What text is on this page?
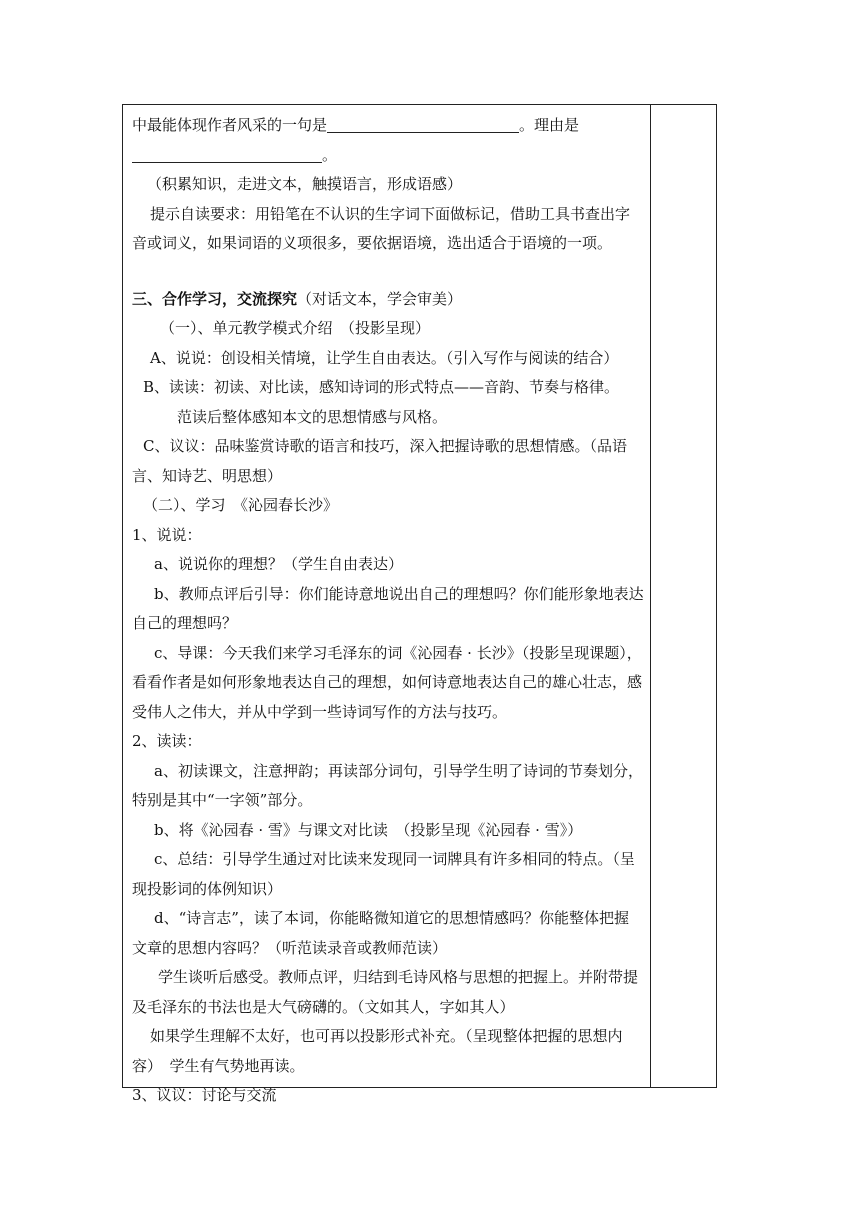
中最能体现作者风采的一句是	。理由是

。

（积累知识，走进文本，触摸语言，形成语感）

提示自读要求：用铅笔在不认识的生字词下面做标记，借助工具书查出字

音或词义，如果词语的义项很多，要依据语境，选出适合于语境的一项。

三、合作学习，交流探究（对话文本，学会审美）

（一）、单元教学模式介绍　（投影呈现）

A、说说：创设相关情境，让学生自由表达。（引入写作与阅读的结合）

B、读读：初读、对比读，感知诗词的形式特点——音韵、节奏与格律。

范读后整体感知本文的思想情感与风格。

C、议议：品味鉴赏诗歌的语言和技巧，深入把握诗歌的思想情感。（品语

言、知诗艺、明思想）

（二）、学习　《沁园春长沙》

1、说说：

a、说说你的理想？（学生自由表达）

b、教师点评后引导：你们能诗意地说出自己的理想吗？你们能形象地表达

自己的理想吗？

c、导课：今天我们来学习毛泽东的词《沁园春 · 长沙》（投影呈现课题），

看看作者是如何形象地表达自己的理想，如何诗意地表达自己的雄心壮志，感

受伟人之伟大，并从中学到一些诗词写作的方法与技巧。

2、读读：

a、初读课文，注意押韵；再读部分词句，引导学生明了诗词的节奏划分，

特别是其中“一字领”部分。

b、将《沁园春 · 雪》与课文对比读　（投影呈现《沁园春 · 雪》）

c、总结：引导学生通过对比读来发现同一词牌具有许多相同的特点。（呈

现投影词的体例知识）

d、“诗言志”，读了本词，你能略微知道它的思想情感吗？你能整体把握

文章的思想内容吗？（听范读录音或教师范读）

学生谈听后感受。教师点评，归结到毛诗风格与思想的把握上。并附带提

及毛泽东的书法也是大气磅礴的。（文如其人，字如其人）

如果学生理解不太好，也可再以投影形式补充。（呈现整体把握的思想内

容）　学生有气势地再读。

3、议议：讨论与交流
